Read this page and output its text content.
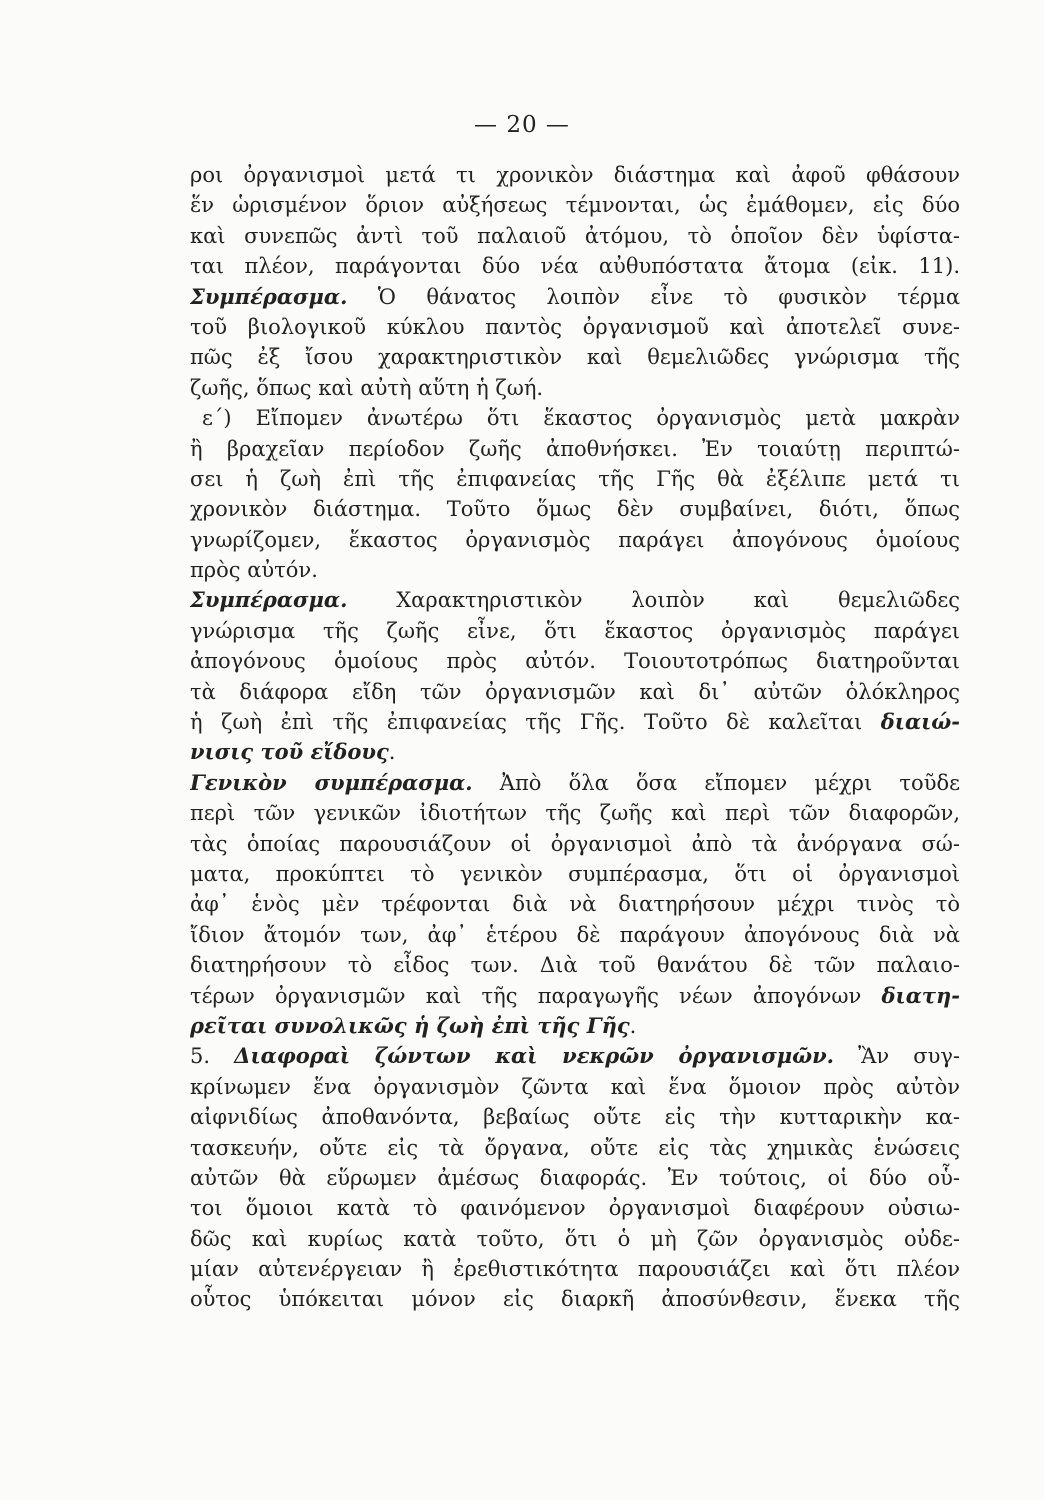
— 20 —
ροι ὀργανισμοὶ μετά τι χρονικὸν διάστημα καὶ ἀφοῦ φθάσουν
ἕν ὡρισμένον ὅριον αὐξήσεως τέμνονται, ὡς ἐμάθομεν, εἰς δύο
καὶ συνεπῶς ἀντὶ τοῦ παλαιοῦ ἀτόμου, τὸ ὁποῖον δὲν ὑφίστα-
ται πλέον, παράγονται δύο νέα αὐθυπόστατα ἄτομα (εἰκ. 11).
Συμπέρασμα. Ὁ θάνατος λοιπὸν εἶνε τὸ φυσικὸν τέρμα
τοῦ βιολογικοῦ κύκλου παντὸς ὀργανισμοῦ καὶ ἀποτελεῖ συνε-
πῶς ἐξ ἴσου χαρακτηριστικὸν καὶ θεμελιῶδες γνώρισμα τῆς
ζωῆς, ὅπως καὶ αὐτὴ αὕτη ἡ ζωή.
ε΄) Εἴπομεν ἀνωτέρω ὅτι ἕκαστος ὀργανισμὸς μετὰ μακρὰν
ἢ βραχεῖαν περίοδον ζωῆς ἀποθνήσκει. Ἐν τοιαύτῃ περιπτώ-
σει ἡ ζωὴ ἐπὶ τῆς ἐπιφανείας τῆς Γῆς θὰ ἐξέλιπε μετά τι
χρονικὸν διάστημα. Τοῦτο ὅμως δὲν συμβαίνει, διότι, ὅπως
γνωρίζομεν, ἕκαστος ὀργανισμὸς παράγει ἀπογόνους ὁμοίους
πρὸς αὐτόν.
Συμπέρασμα. Χαρακτηριστικὸν λοιπὸν καὶ θεμελιῶδες
γνώρισμα τῆς ζωῆς εἶνε, ὅτι ἕκαστος ὀργανισμὸς παράγει
ἀπογόνους ὁμοίους πρὸς αὐτόν. Τοιουτοτρόπως διατηροῦνται
τὰ διάφορα εἴδη τῶν ὀργανισμῶν καὶ δι᾽ αὐτῶν ὁλόκληρος
ἡ ζωὴ ἐπὶ τῆς ἐπιφανείας τῆς Γῆς. Τοῦτο δὲ καλεῖται διαιώ-
νισις τοῦ εἴδους.
Γενικὸν συμπέρασμα. Ἀπὸ ὅλα ὅσα εἴπομεν μέχρι τοῦδε
περὶ τῶν γενικῶν ἰδιοτήτων τῆς ζωῆς καὶ περὶ τῶν διαφορῶν,
τὰς ὁποίας παρουσιάζουν οἱ ὀργανισμοὶ ἀπὸ τὰ ἀνόργανα σώ-
ματα, προκύπτει τὸ γενικὸν συμπέρασμα, ὅτι οἱ ὀργανισμοὶ
ἀφ᾽ ἑνὸς μὲν τρέφονται διὰ νὰ διατηρήσουν μέχρι τινὸς τὸ
ἴδιον ἄτομόν των, ἀφ᾽ ἑτέρου δὲ παράγουν ἀπογόνους διὰ νὰ
διατηρήσουν τὸ εἶδος των. Διὰ τοῦ θανάτου δὲ τῶν παλαιο-
τέρων ὀργανισμῶν καὶ τῆς παραγωγῆς νέων ἀπογόνων διατη-
ρεῖται συνολικῶς ἡ ζωὴ ἐπὶ τῆς Γῆς.
5. Διαφοραὶ ζώντων καὶ νεκρῶν ὀργανισμῶν. Ἂν συγ-
κρίνωμεν ἕνα ὀργανισμὸν ζῶντα καὶ ἕνα ὅμοιον πρὸς αὐτὸν
αἰφνιδίως ἀποθανόντα, βεβαίως οὔτε εἰς τὴν κυτταρικὴν κα-
τασκευήν, οὔτε εἰς τὰ ὄργανα, οὔτε εἰς τὰς χημικὰς ἑνώσεις
αὐτῶν θὰ εὕρωμεν ἀμέσως διαφοράς. Ἐν τούτοις, οἱ δύο οὗ-
τοι ὅμοιοι κατὰ τὸ φαινόμενον ὀργανισμοὶ διαφέρουν οὐσιω-
δῶς καὶ κυρίως κατὰ τοῦτο, ὅτι ὁ μὴ ζῶν ὀργανισμὸς οὐδε-
μίαν αὐτενέργειαν ἢ ἐρεθιστικότητα παρουσιάζει καὶ ὅτι πλέον
οὗτος ὑπόκειται μόνον εἰς διαρκῆ ἀποσύνθεσιν, ἕνεκα τῆς
